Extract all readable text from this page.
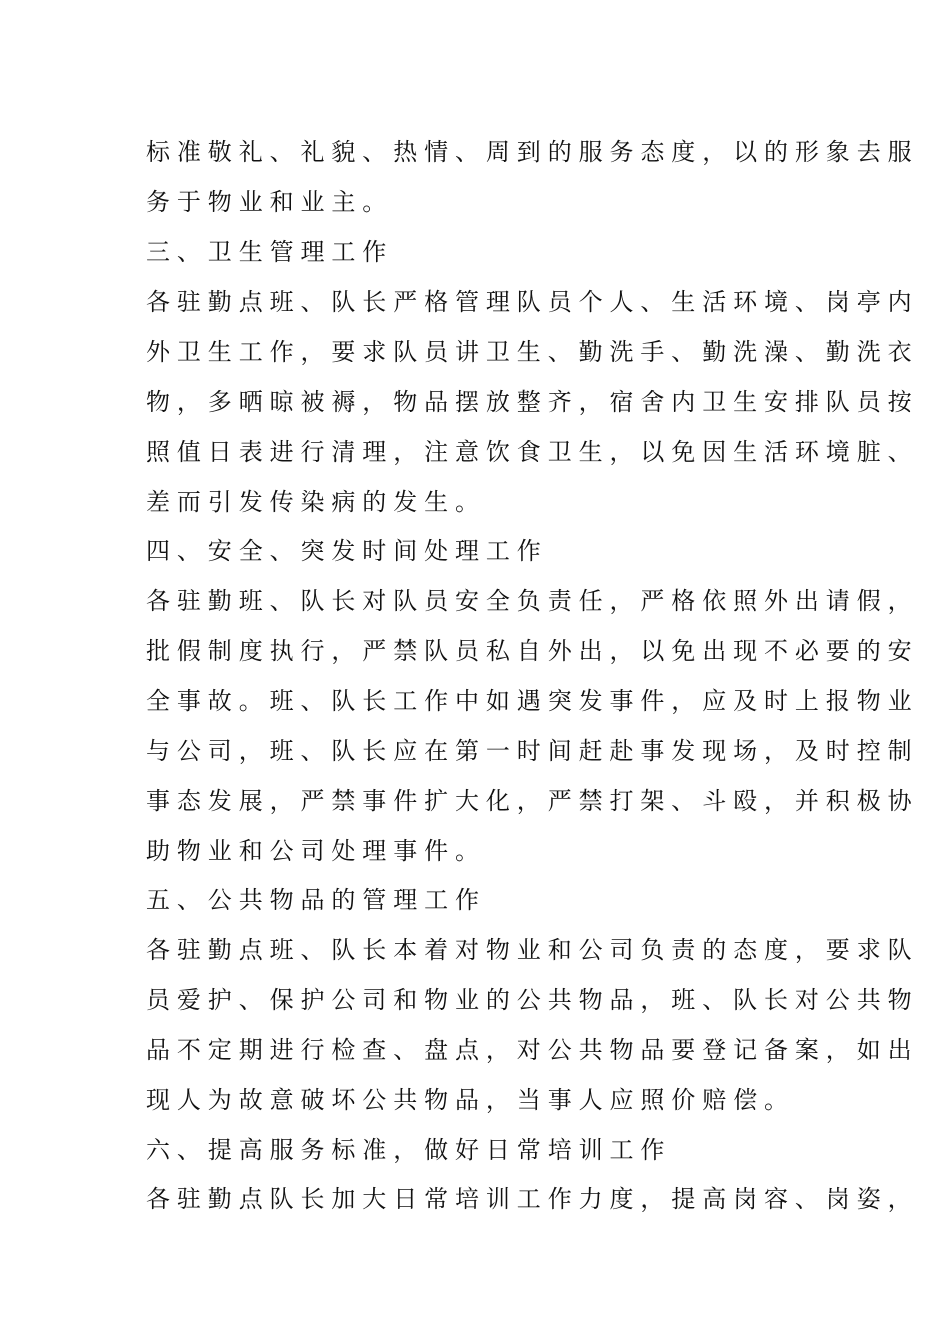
标准敬礼、礼貌、热情、周到的服务态度，以的形象去服
务于物业和业主。
三、卫生管理工作
各驻勤点班、队长严格管理队员个人、生活环境、岗亭内
外卫生工作，要求队员讲卫生、勤洗手、勤洗澡、勤洗衣
物，多晒晾被褥，物品摆放整齐，宿舍内卫生安排队员按
照值日表进行清理，注意饮食卫生，以免因生活环境脏、
差而引发传染病的发生。
四、安全、突发时间处理工作
各驻勤班、队长对队员安全负责任，严格依照外出请假，
批假制度执行，严禁队员私自外出，以免出现不必要的安
全事故。班、队长工作中如遇突发事件，应及时上报物业
与公司，班、队长应在第一时间赶赴事发现场，及时控制
事态发展，严禁事件扩大化，严禁打架、斗殴，并积极协
助物业和公司处理事件。
五、公共物品的管理工作
各驻勤点班、队长本着对物业和公司负责的态度，要求队
员爱护、保护公司和物业的公共物品，班、队长对公共物
品不定期进行检查、盘点，对公共物品要登记备案，如出
现人为故意破坏公共物品，当事人应照价赔偿。
六、提高服务标准，做好日常培训工作
各驻勤点队长加大日常培训工作力度，提高岗容、岗姿，
